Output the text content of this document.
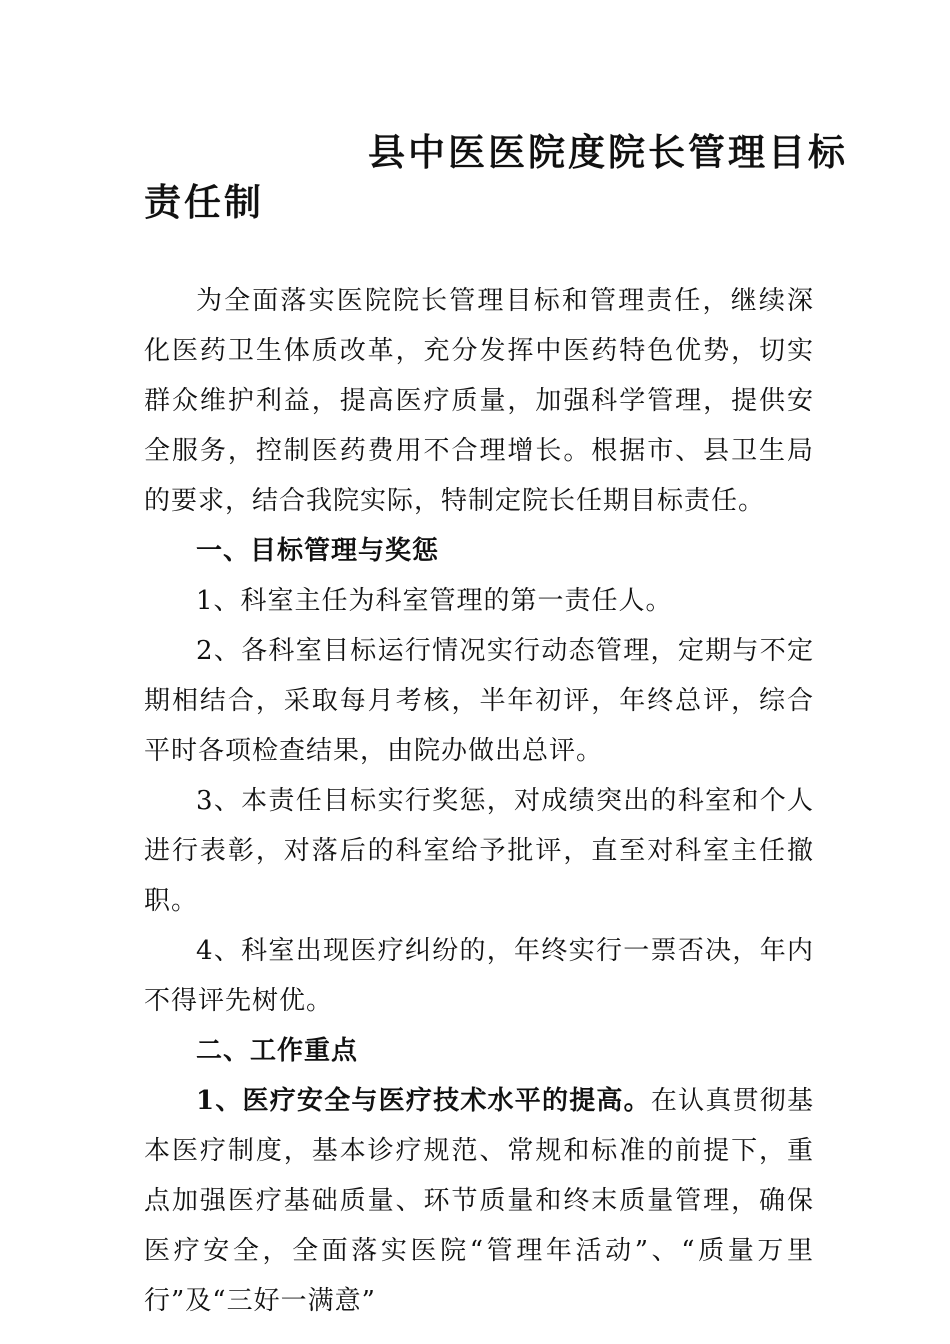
县中医医院度院长管理目标
责任制

为全面落实医院院长管理目标和管理责任，继续深化医药卫生体质改革，充分发挥中医药特色优势，切实群众维护利益，提高医疗质量，加强科学管理，提供安全服务，控制医药费用不合理增长。根据市、县卫生局的要求，结合我院实际，特制定院长任期目标责任。

一、目标管理与奖惩

1、科室主任为科室管理的第一责任人。

2、各科室目标运行情况实行动态管理，定期与不定期相结合，采取每月考核，半年初评，年终总评，综合平时各项检查结果，由院办做出总评。

3、本责任目标实行奖惩，对成绩突出的科室和个人进行表彰，对落后的科室给予批评，直至对科室主任撤职。

4、科室出现医疗纠纷的，年终实行一票否决，年内不得评先树优。

二、工作重点

1、医疗安全与医疗技术水平的提高。在认真贯彻基本医疗制度，基本诊疗规范、常规和标准的前提下，重点加强医疗基础质量、环节质量和终末质量管理，确保医疗安全，全面落实医院“管理年活动”、“质量万里行”及“三好一满意”
